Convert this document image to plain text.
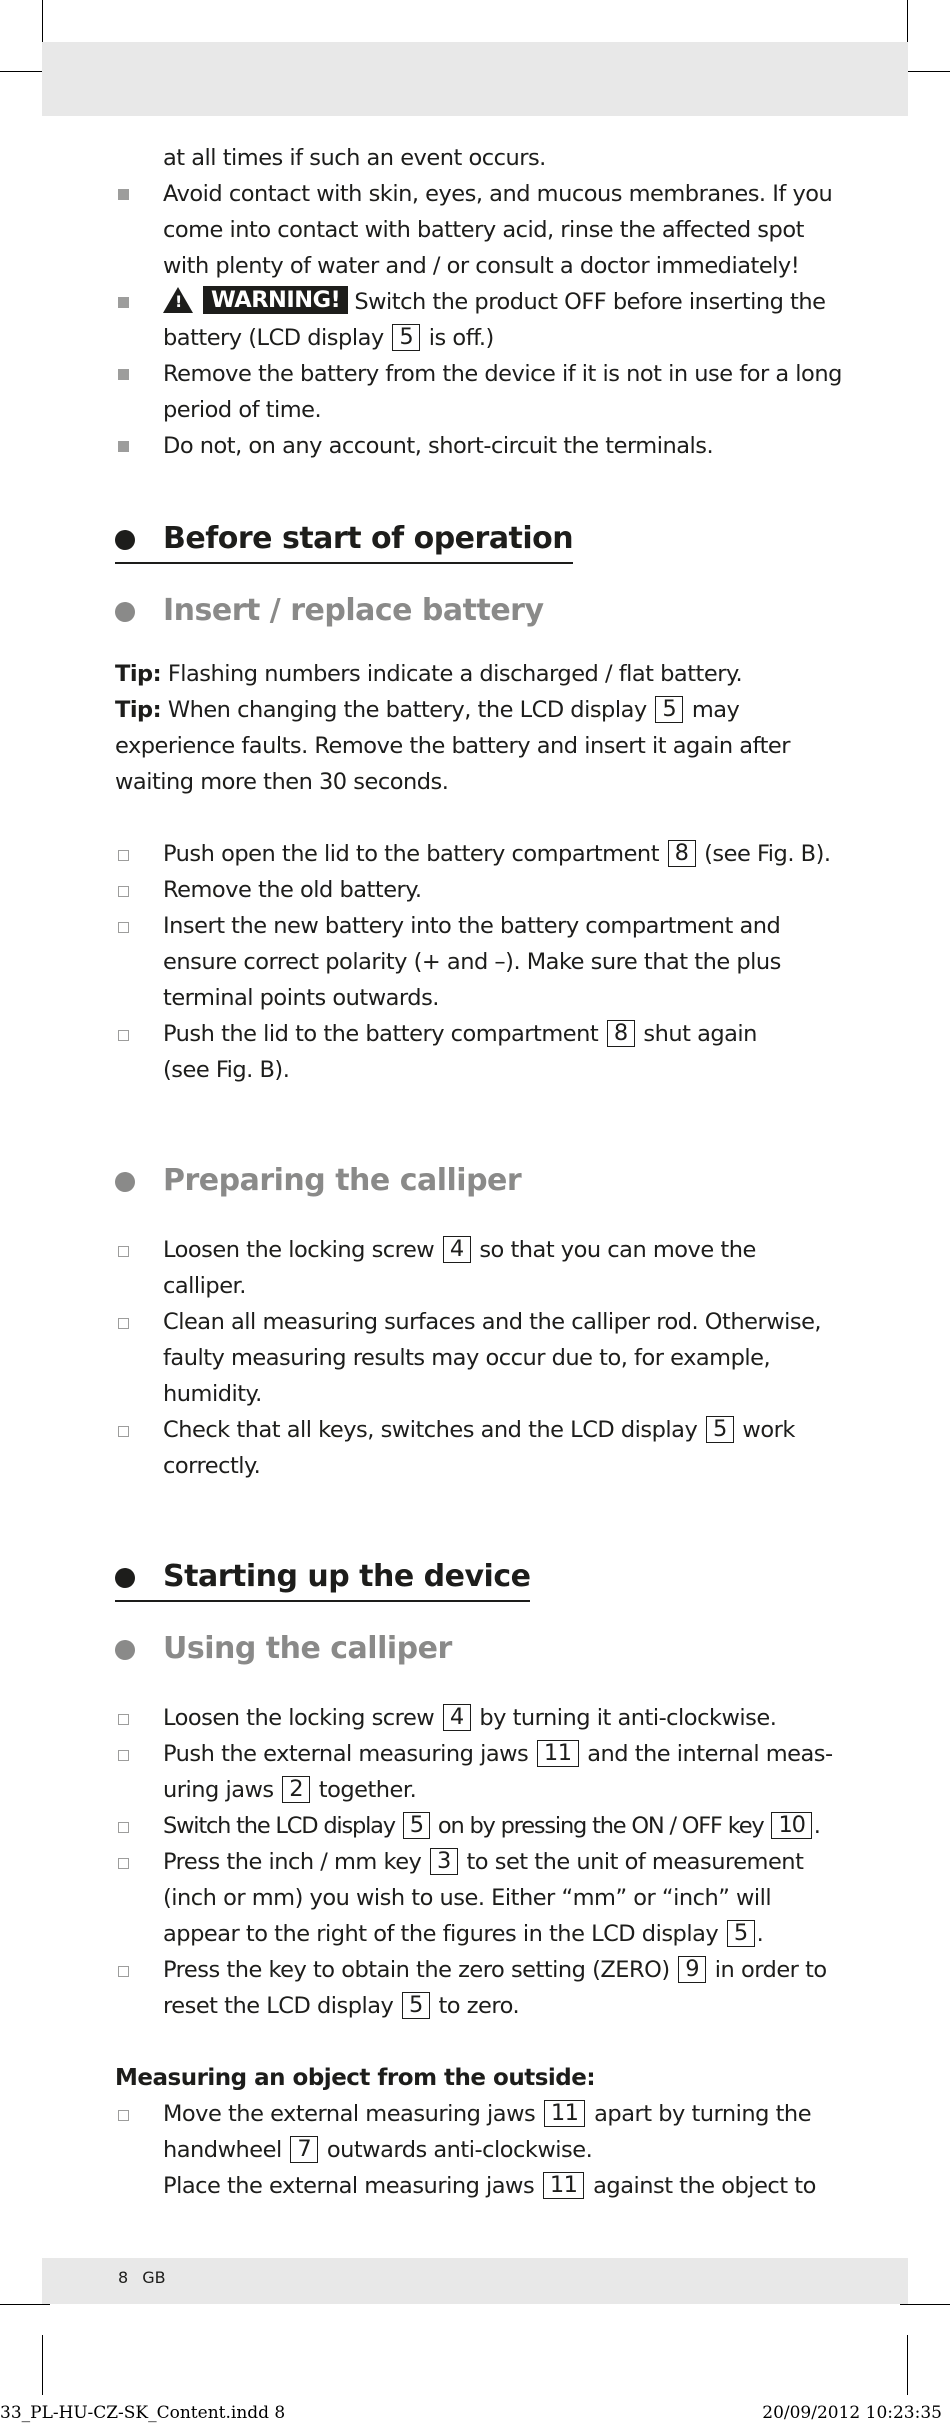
at all times if such an event occurs.
Avoid contact with skin, eyes, and mucous membranes. If you come into contact with battery acid, rinse the affected spot with plenty of water and / or consult a doctor immediately!
!	WARNING! Switch the product OFF before inserting the battery (LCD display 5 is off.)
Remove the battery from the device if it is not in use for a long period of time.
Do not, on any account, short-circuit the terminals.
Before start of operation
Insert / replace battery
Tip: Flashing numbers indicate a discharged / flat battery.
Tip: When changing the battery, the LCD display 5 may experience faults. Remove the battery and insert it again after waiting more then 30 seconds.
Push open the lid to the battery compartment 8 (see Fig. B).
Remove the old battery.
Insert the new battery into the battery compartment and ensure correct polarity (+ and –). Make sure that the plus terminal points outwards.
Push the lid to the battery compartment 8 shut again
(see Fig. B).
Preparing the calliper
Loosen the locking screw 4 so that you can move the calliper.
Clean all measuring surfaces and the calliper rod. Otherwise, faulty measuring results may occur due to, for example, humidity.
Check that all keys, switches and the LCD display 5 work correctly.
Starting up the device
Using the calliper
Loosen the locking screw 4 by turning it anti-clockwise.
Push the external measuring jaws 11 and the internal meas-uring jaws 2 together.
Switch the LCD display 5 on by pressing the ON / OFF key 10 .
Press the inch / mm key 3 to set the unit of measurement (inch or mm) you wish to use. Either “mm” or “inch” will appear to the right of the figures in the LCD display 5 .
Press the key to obtain the zero setting (ZERO) 9 in order to reset the LCD display 5 to zero.
Measuring an object from the outside:
Move the external measuring jaws 11 apart by turning the handwheel 7 outwards anti-clockwise.
Place the external measuring jaws 11 against the object to
8 GB
33_PL-HU-CZ-SK_Content.indd 8	20/09/2012 10:23:35
